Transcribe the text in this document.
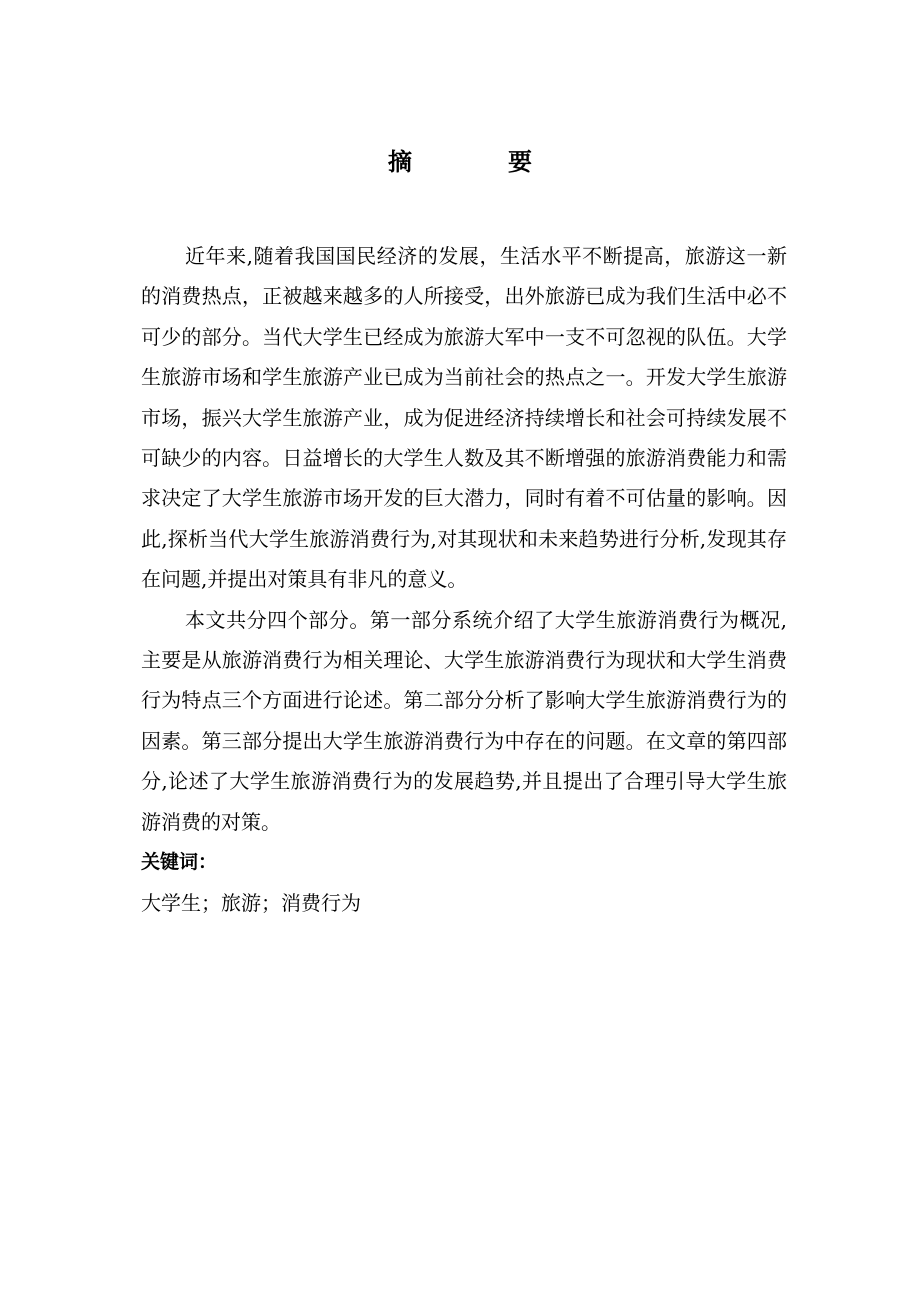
摘　要

近年来,随着我国国民经济的发展，生活水平不断提高，旅游这一新的消费热点，正被越来越多的人所接受，出外旅游已成为我们生活中必不可少的部分。当代大学生已经成为旅游大军中一支不可忽视的队伍。大学生旅游市场和学生旅游产业已成为当前社会的热点之一。开发大学生旅游市场，振兴大学生旅游产业，成为促进经济持续增长和社会可持续发展不可缺少的内容。日益增长的大学生人数及其不断增强的旅游消费能力和需求决定了大学生旅游市场开发的巨大潜力，同时有着不可估量的影响。因此,探析当代大学生旅游消费行为,对其现状和未来趋势进行分析,发现其存在问题,并提出对策具有非凡的意义。

本文共分四个部分。第一部分系统介绍了大学生旅游消费行为概况,主要是从旅游消费行为相关理论、大学生旅游消费行为现状和大学生消费行为特点三个方面进行论述。第二部分分析了影响大学生旅游消费行为的因素。第三部分提出大学生旅游消费行为中存在的问题。在文章的第四部分,论述了大学生旅游消费行为的发展趋势,并且提出了合理引导大学生旅游消费的对策。

关键词：

大学生；旅游；消费行为
